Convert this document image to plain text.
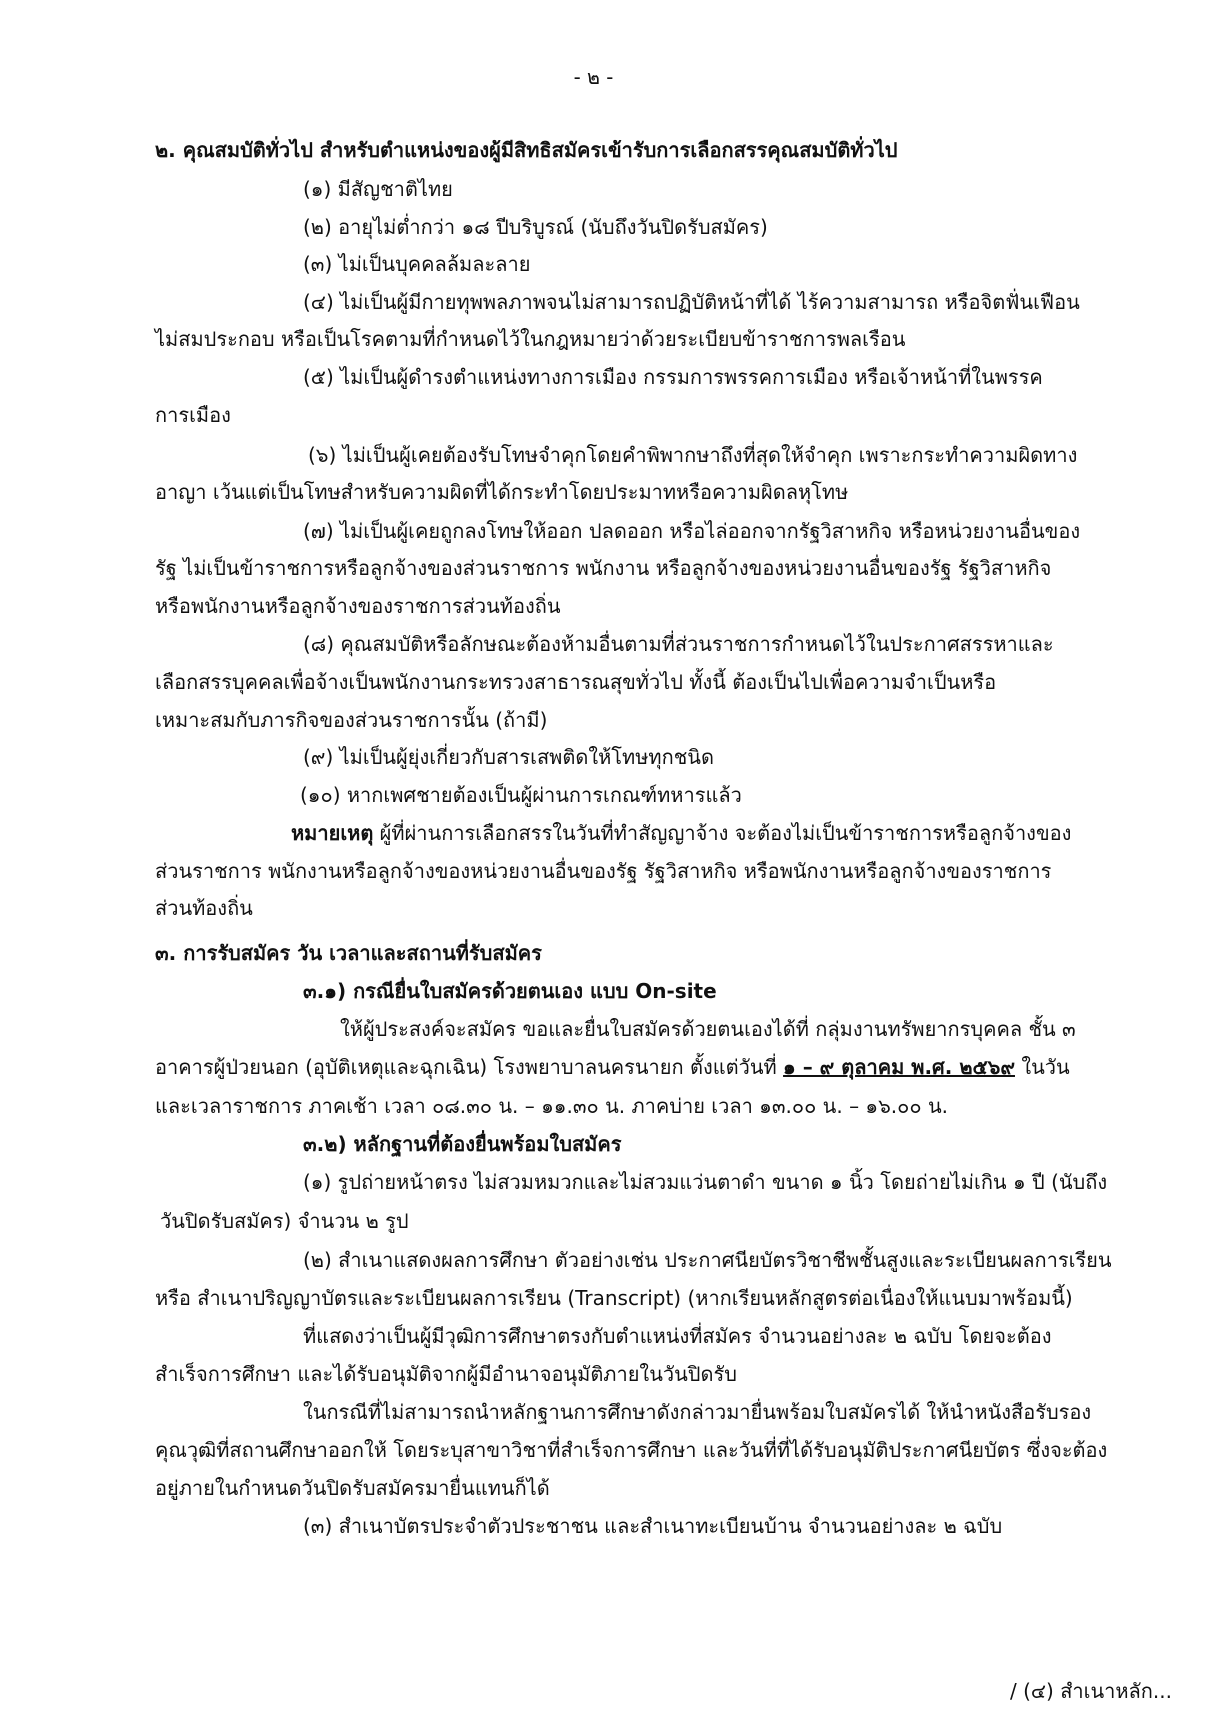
- ๒ -
๒. คุณสมบัติทั่วไป สำหรับตำแหน่งของผู้มีสิทธิสมัครเข้ารับการเลือกสรรคุณสมบัติทั่วไป
(๑) มีสัญชาติไทย
(๒) อายุไม่ต่ำกว่า ๑๘ ปีบริบูรณ์ (นับถึงวันปิดรับสมัคร)
(๓) ไม่เป็นบุคคลล้มละลาย
(๔) ไม่เป็นผู้มีกายทุพพลภาพจนไม่สามารถปฏิบัติหน้าที่ได้ ไร้ความสามารถ หรือจิตฟั่นเฟือน
ไม่สมประกอบ หรือเป็นโรคตามที่กำหนดไว้ในกฎหมายว่าด้วยระเบียบข้าราชการพลเรือน
(๕) ไม่เป็นผู้ดำรงตำแหน่งทางการเมือง กรรมการพรรคการเมือง หรือเจ้าหน้าที่ในพรรค
การเมือง
(๖) ไม่เป็นผู้เคยต้องรับโทษจำคุกโดยคำพิพากษาถึงที่สุดให้จำคุก เพราะกระทำความผิดทาง
อาญา เว้นแต่เป็นโทษสำหรับความผิดที่ได้กระทำโดยประมาทหรือความผิดลหุโทษ
(๗) ไม่เป็นผู้เคยถูกลงโทษให้ออก ปลดออก หรือไล่ออกจากรัฐวิสาหกิจ หรือหน่วยงานอื่นของ
รัฐ ไม่เป็นข้าราชการหรือลูกจ้างของส่วนราชการ พนักงาน หรือลูกจ้างของหน่วยงานอื่นของรัฐ รัฐวิสาหกิจ
หรือพนักงานหรือลูกจ้างของราชการส่วนท้องถิ่น
(๘) คุณสมบัติหรือลักษณะต้องห้ามอื่นตามที่ส่วนราชการกำหนดไว้ในประกาศสรรหาและ
เลือกสรรบุคคลเพื่อจ้างเป็นพนักงานกระทรวงสาธารณสุขทั่วไป ทั้งนี้ ต้องเป็นไปเพื่อความจำเป็นหรือ
เหมาะสมกับภารกิจของส่วนราชการนั้น (ถ้ามี)
(๙) ไม่เป็นผู้ยุ่งเกี่ยวกับสารเสพติดให้โทษทุกชนิด
(๑๐) หากเพศชายต้องเป็นผู้ผ่านการเกณฑ์ทหารแล้ว
หมายเหตุ ผู้ที่ผ่านการเลือกสรรในวันที่ทำสัญญาจ้าง จะต้องไม่เป็นข้าราชการหรือลูกจ้างของ
ส่วนราชการ พนักงานหรือลูกจ้างของหน่วยงานอื่นของรัฐ รัฐวิสาหกิจ หรือพนักงานหรือลูกจ้างของราชการ
ส่วนท้องถิ่น
๓. การรับสมัคร วัน เวลาและสถานที่รับสมัคร
๓.๑) กรณียื่นใบสมัครด้วยตนเอง แบบ On-site
ให้ผู้ประสงค์จะสมัคร ขอและยื่นใบสมัครด้วยตนเองได้ที่ กลุ่มงานทรัพยากรบุคคล ชั้น ๓
อาคารผู้ป่วยนอก (อุบัติเหตุและฉุกเฉิน) โรงพยาบาลนครนายก ตั้งแต่วันที่ ๑ – ๙ ตุลาคม พ.ศ. ๒๕๖๙ ในวัน
และเวลาราชการ ภาคเช้า เวลา ๐๘.๓๐ น. – ๑๑.๓๐ น. ภาคบ่าย เวลา ๑๓.๐๐ น. – ๑๖.๐๐ น.
๓.๒) หลักฐานที่ต้องยื่นพร้อมใบสมัคร
(๑) รูปถ่ายหน้าตรง ไม่สวมหมวกและไม่สวมแว่นตาดำ ขนาด ๑ นิ้ว โดยถ่ายไม่เกิน ๑ ปี (นับถึง
วันปิดรับสมัคร) จำนวน ๒ รูป
(๒) สำเนาแสดงผลการศึกษา ตัวอย่างเช่น ประกาศนียบัตรวิชาชีพชั้นสูงและระเบียนผลการเรียน
หรือ สำเนาปริญญาบัตรและระเบียนผลการเรียน (Transcript) (หากเรียนหลักสูตรต่อเนื่องให้แนบมาพร้อมนี้)
ที่แสดงว่าเป็นผู้มีวุฒิการศึกษาตรงกับตำแหน่งที่สมัคร จำนวนอย่างละ ๒ ฉบับ โดยจะต้อง
สำเร็จการศึกษา และได้รับอนุมัติจากผู้มีอำนาจอนุมัติภายในวันปิดรับ
ในกรณีที่ไม่สามารถนำหลักฐานการศึกษาดังกล่าวมายื่นพร้อมใบสมัครได้ ให้นำหนังสือรับรอง
คุณวุฒิที่สถานศึกษาออกให้ โดยระบุสาขาวิชาที่สำเร็จการศึกษา และวันที่ที่ได้รับอนุมัติประกาศนียบัตร ซึ่งจะต้อง
อยู่ภายในกำหนดวันปิดรับสมัครมายื่นแทนก็ได้
(๓) สำเนาบัตรประจำตัวประชาชน และสำเนาทะเบียนบ้าน จำนวนอย่างละ ๒ ฉบับ
/ (๔) สำเนาหลัก...
